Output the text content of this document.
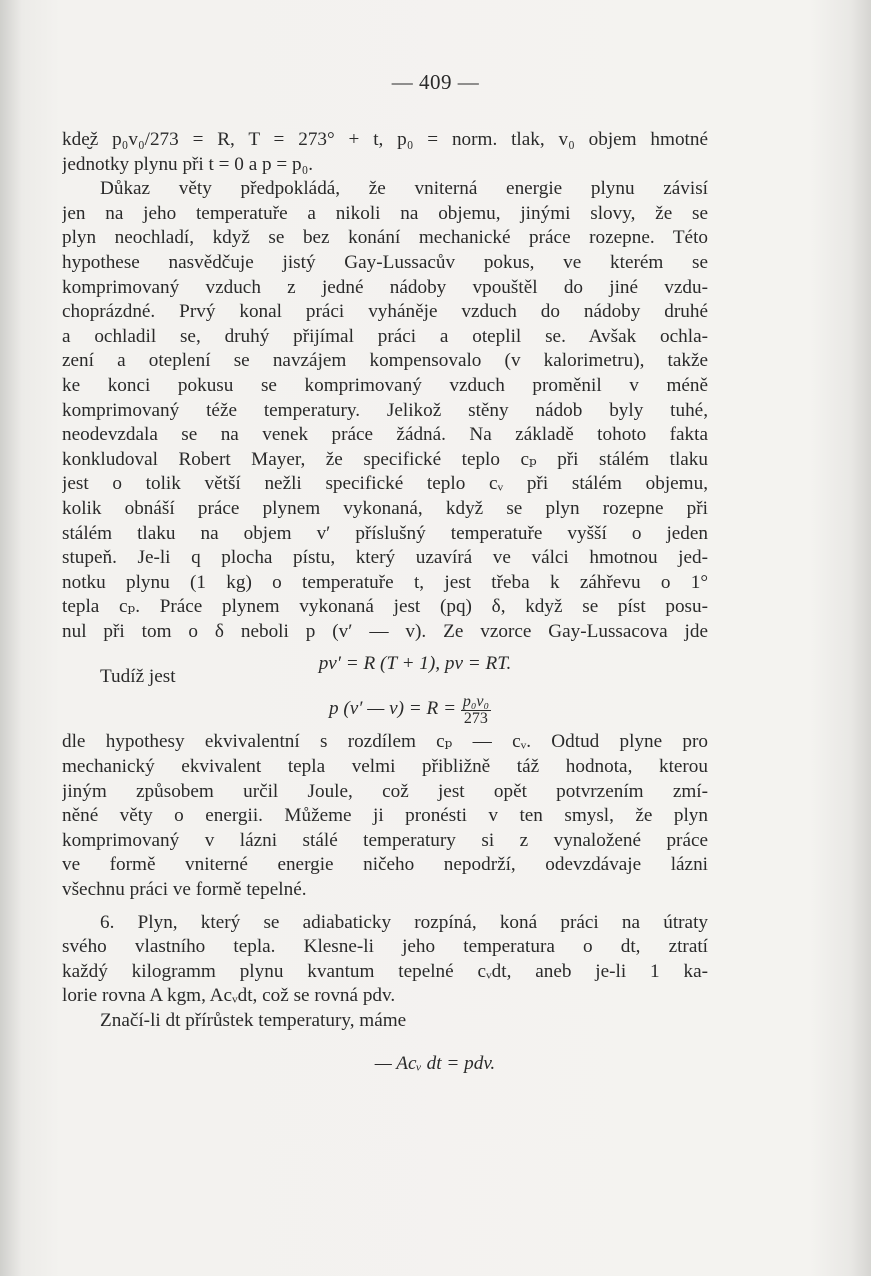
— 409 —
kde̮ž p₀v₀/273 = R, T = 273° + t, p₀ = norm. tlak, v₀ objem hmotné
jednotky plynu při t = 0 a p = p₀.
Důkaz věty předpokládá, že vniterná energie plynu závisí
jen na jeho temperatuře a nikoli na objemu, jinými slovy, že se
plyn neochladí, když se bez konání mechanické práce rozepne. Této
hypothese nasvědčuje jistý Gay-Lussacův pokus, ve kterém se
komprimovaný vzduch z jedné nádoby vpouštěl do jiné vzdu-
choprázdné. Prvý konal práci vyháněje vzduch do nádoby druhé
a ochladil se, druhý přijímal práci a oteplil se. Avšak ochla-
zení a oteplení se navzájem kompensovalo (v kalorimetru), takže
ke konci pokusu se komprimovaný vzduch proměnil v méně
komprimovaný téže temperatury. Jelikož stěny nádob byly tuhé,
neodevzdala se na venek práce žádná. Na základě tohoto fakta
konkludoval Robert Mayer, že specifické teplo cₚ při stálém tlaku
jest o tolik větší nežli specifické teplo cᵥ při stálém objemu,
kolik obnáší práce plynem vykonaná, když se plyn rozepne při
stálém tlaku na objem v′ příslušný temperatuře vyšší o jeden
stupeň. Je-li q plocha pístu, který uzavírá ve válci hmotnou jed-
notku plynu (1 kg) o temperatuře t, jest třeba k záhřevu o 1°
tepla cₚ. Práce plynem vykonaná jest (pq) δ, když se píst posu-
nul při tom o δ neboli p (v′ — v). Ze vzorce Gay-Lussacova jde
pv′ = R (T + 1), pv = RT.
Tudíž jest
p (v′ — $v) = R = \frac{\text{p₀v₀}}{273}$
dle hypothesy ekvivalentní s rozdílem cₚ — cᵥ. Odtud plyne pro
mechanický ekvivalent tepla velmi přibližně táž hodnota, kterou
jiným způsobem určil Joule, což jest opět potvrzením zmí-
něné věty o energii. Můžeme ji pronésti v ten smysl, že plyn
komprimovaný v lázni stálé temperatury si z vynaložené práce
ve formě vniterné energie ničeho nepodrží, odevzdávaje lázni
všechnu práci ve formě tepelné.
6. Plyn, který se adiabaticky rozpíná, koná práci na útraty
svého vlastního tepla. Klesne-li jeho temperatura o dt, ztratí
každý kilogramm plynu kvantum tepelné cᵥdt, aneb je-li 1 ka-
lorie rovna A kgm, Acᵥdt, což se rovná pdv.
Značí-li dt přírůstek temperatury, máme
— Acᵥ dt = pdv.
